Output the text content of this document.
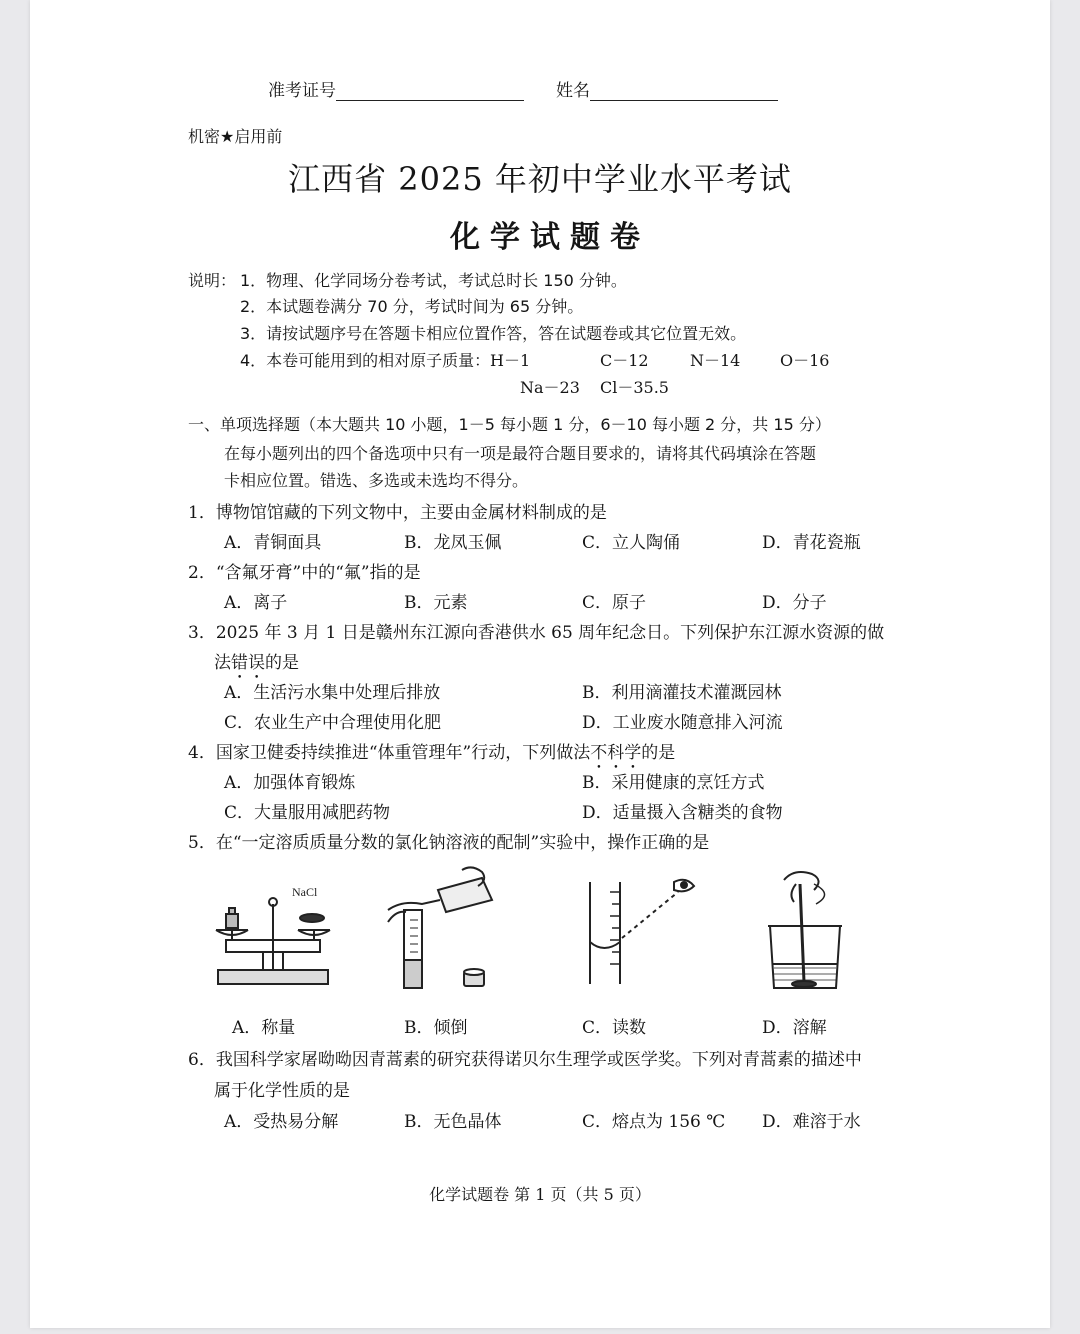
准考证号	姓名
机密★启用前
江西省 2025 年初中学业水平考试
化学试题卷
说明： 1．物理、化学同场分卷考试，考试总时长 150 分钟。
2．本试题卷满分 70 分，考试时间为 65 分钟。
3．请按试题序号在答题卡相应位置作答，答在试题卷或其它位置无效。
4．本卷可能用到的相对原子质量： H－1	C－12	N－14 O－16
Na－23 Cl－35.5
一、单项选择题（本大题共 10 小题，1－5 每小题 1 分，6－10 每小题 2 分，共 15 分）
在每小题列出的四个备选项中只有一项是最符合题目要求的，请将其代码填涂在答题
卡相应位置。错选、多选或未选均不得分。
1．博物馆馆藏的下列文物中，主要由金属材料制成的是
A．青铜面具	B．龙凤玉佩	C．立人陶俑	D．青花瓷瓶
2．“含氟牙膏”中的“氟”指的是
A．离子	B．元素	C．原子	D．分子
3．2025 年 3 月 1 日是赣州东江源向香港供水 65 周年纪念日。下列保护东江源水资源的做
法错误的是
A．生活污水集中处理后排放	B．利用滴灌技术灌溉园林
C．农业生产中合理使用化肥	D．工业废水随意排入河流
4．国家卫健委持续推进“体重管理年”行动，下列做法不科学的是
A．加强体育锻炼	B．采用健康的烹饪方式
C．大量服用减肥药物	D．适量摄入含糖类的食物
5．在“一定溶质质量分数的氯化钠溶液的配制”实验中，操作正确的是
NaCl
A．称量	B．倾倒	C．读数	D．溶解
6．我国科学家屠呦呦因青蒿素的研究获得诺贝尔生理学或医学奖。下列对青蒿素的描述中
属于化学性质的是
A．受热易分解	B．无色晶体	C．熔点为 156 ℃ D．难溶于水
化学试题卷 第 1 页（共 5 页）
